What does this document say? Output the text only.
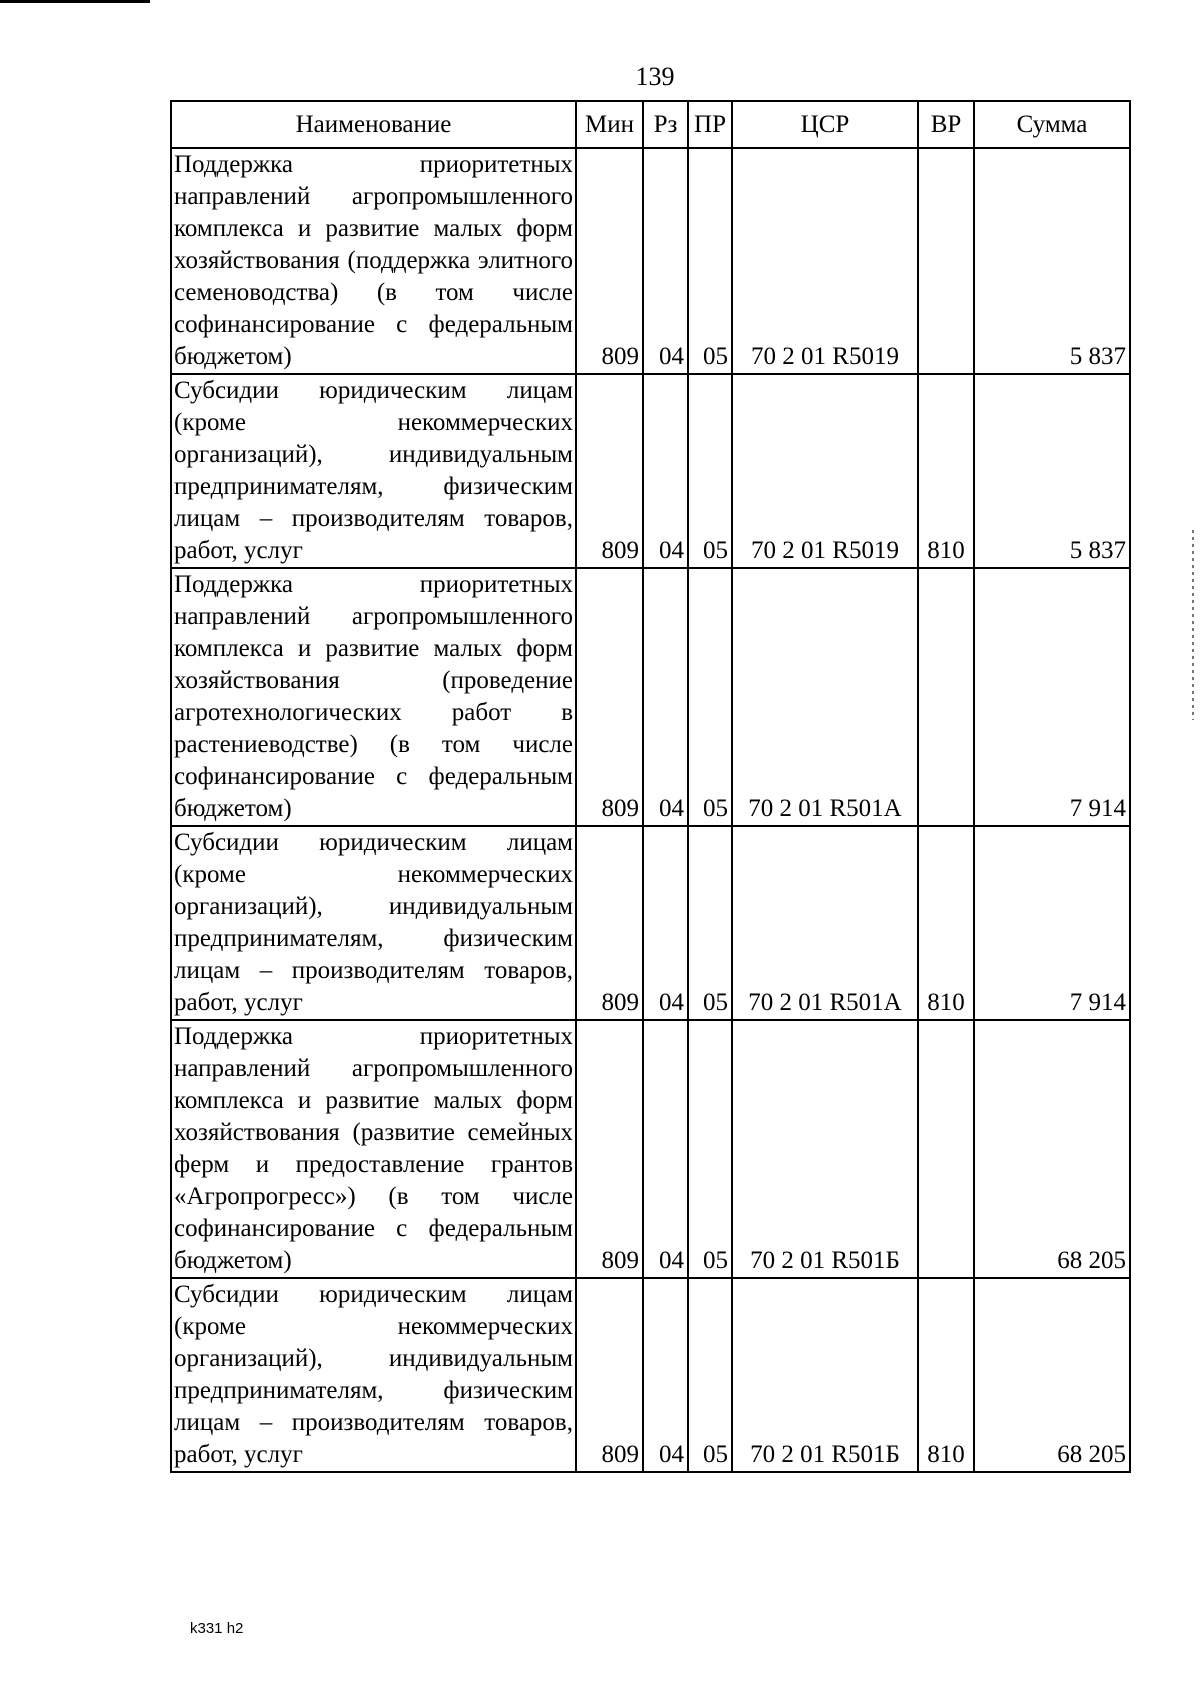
139
Наименование	Мин	Рз	ПР	ЦСР	ВР	Сумма
Поддержка приоритетных направлений агропромышленного комплекса и развитие малых форм хозяйствования (поддержка элитного семеноводства) (в том числе софинансирование с федеральным бюджетом)	809	04	05	70 2 01 R5019		5 837
Субсидии юридическим лицам (кроме некоммерческих организаций), индивидуальным предпринимателям, физическим лицам – производителям товаров, работ, услуг	809	04	05	70 2 01 R5019	810	5 837
Поддержка приоритетных направлений агропромышленного комплекса и развитие малых форм хозяйствования (проведение агротехнологических работ в растениеводстве) (в том числе софинансирование с федеральным бюджетом)	809	04	05	70 2 01 R501А		7 914
Субсидии юридическим лицам (кроме некоммерческих организаций), индивидуальным предпринимателям, физическим лицам – производителям товаров, работ, услуг	809	04	05	70 2 01 R501А	810	7 914
Поддержка приоритетных направлений агропромышленного комплекса и развитие малых форм хозяйствования (развитие семейных ферм и предоставление грантов «Агропрогресс») (в том числе софинансирование с федеральным бюджетом)	809	04	05	70 2 01 R501Б		68 205
Субсидии юридическим лицам (кроме некоммерческих организаций), индивидуальным предпринимателям, физическим лицам – производителям товаров, работ, услуг	809	04	05	70 2 01 R501Б	810	68 205
k331 h2
